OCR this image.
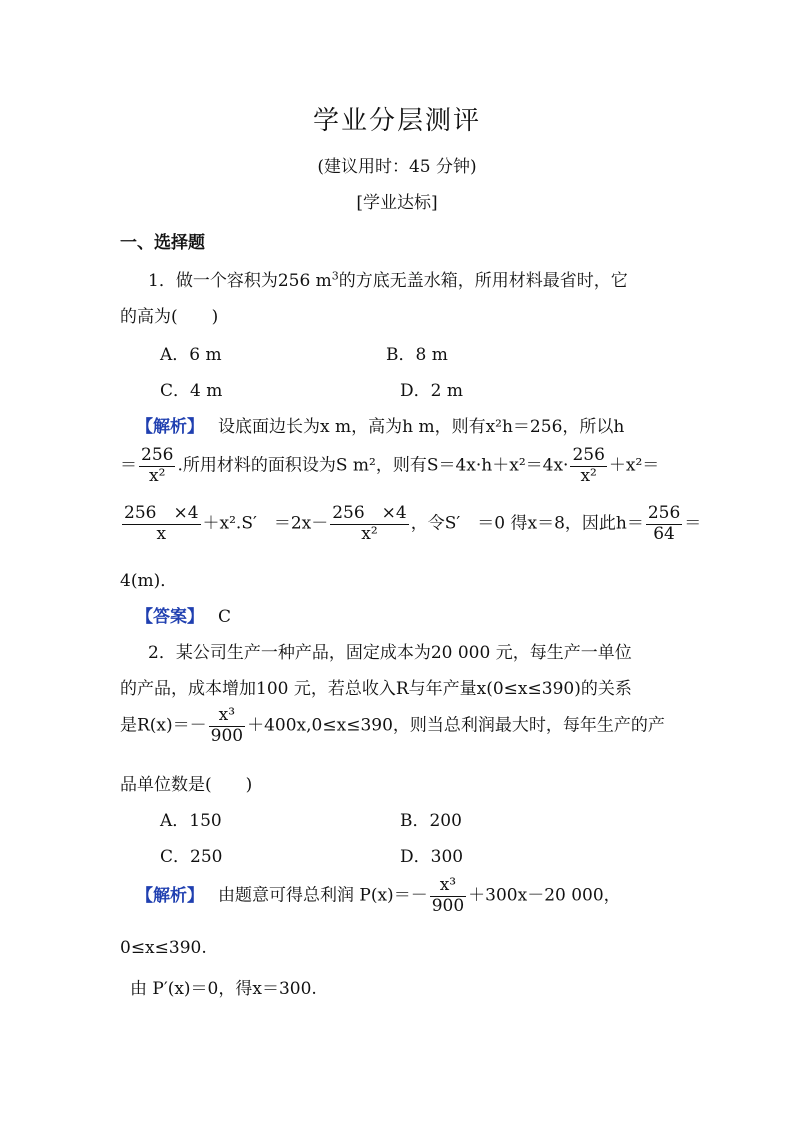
学业分层测评
(建议用时：45 分钟)
[学业达标]
一、选择题
1．做一个容积为256 $m^3$的方底无盖水箱，所用材料最省时，它
的高为(　　)
A．6 m	B．8 m
C．4 m	D．2 m
【解析】 设底面边长为x m，高为h m，则有x²h＝256，所以h
＝ $\frac{256}{\text{x²}}$ .所用材料的面积设为S m²，则有$S=4x\cdot h+x^2=4x\cdot \frac{256}{\text{x²}} +x^2=$
$\frac{256 \times 4}{x} +x^2.S'$　$=2x- \frac{256 \times 4}{\text{x²}}$ ，令S′　＝0 得x＝8，因此$h= \frac{256}{64}$ ＝
4(m)．
【答案】 C
2．某公司生产一种产品，固定成本为20 000 元，每生产一单位
的产品，成本增加100 元，若总收入R与年产量x(0≤x≤390)的关系
是$R(x)=- \frac{\text{x³}}{900} +400x,0\le x\le 390$，则当总利润最大时，每年生产的产
品单位数是(　　)
A．150	B．200
C．250	D．300
【解析】 由题意可得总利润 $P(x)=- \frac{\text{x³}}{900} +300x-20$ 000，
0≤x≤390.
由 P′(x)＝0，得x＝300.
